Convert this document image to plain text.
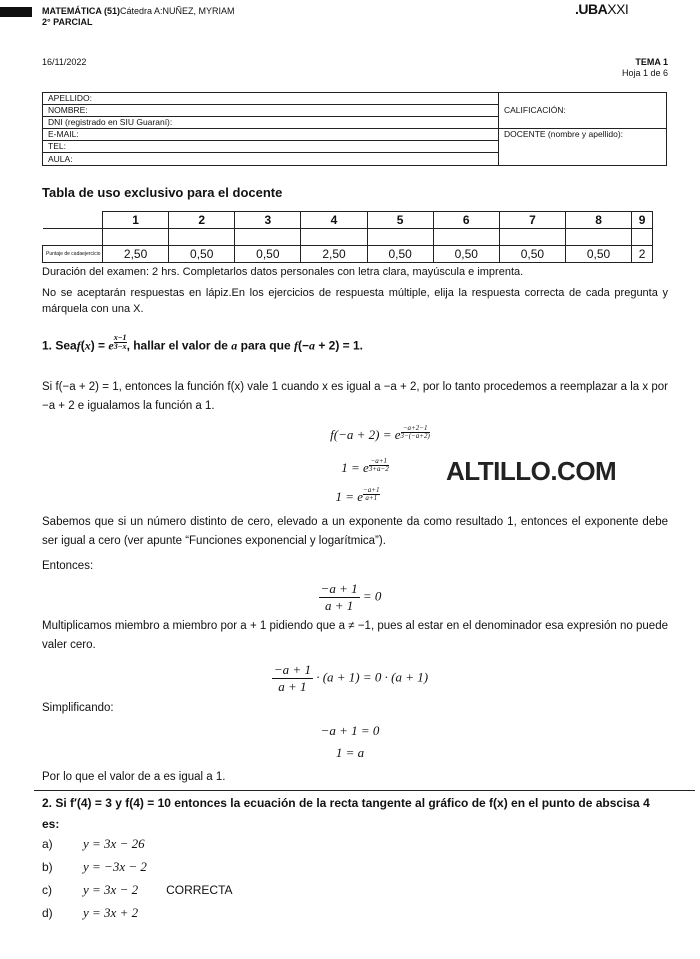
MATEMÁTICA (51)Cátedra A:NUÑEZ, MYRIAM
2° PARCIAL
.UBAXXI
16/11/2022	TEMA 1
Hoja 1 de 6
APELLIDO:	CALIFICACIÓN:
NOMBRE:	
DNI (registrado en SIU Guaraní):	
E-MAIL:	DOCENTE (nombre y apellido):
TEL:	
AULA:	
Tabla de uso exclusivo para el docente
	1	2	3	4	5	6	7	8	9

Puntaje de cadaejercicio	2,50	0,50	0,50	2,50	0,50	0,50	0,50	0,50	2

Duración del examen: 2 hrs. Completarlos datos personales con letra clara, mayúscula e imprenta.

No se aceptarán respuestas en lápiz.En los ejercicios de respuesta múltiple, elija la respuesta correcta de cada pregunta y márquela con una X.

1. Seaf(x) = e $^{\frac{x-1}{3-x}}$, hallar el valor de a para que f(−a + 2) = 1.

Si f(−a + 2) = 1, entonces la función f(x) vale 1 cuando x es igual a −a + 2, por lo tanto procedemos a reemplazar a la x por −a + 2 e igualamos la función a 1.

f(−a + 2) = e $^{\frac{-a+2-1}{3-(-a+2)}}$
1 = e $^{\frac{-a+1}{3+a-2}}$
1 = e $^{\frac{-a+1}{a+1}}$
ALTILLO.COM

Sabemos que si un número distinto de cero, elevado a un exponente da como resultado 1, entonces el exponente debe ser igual a cero (ver apunte “Funciones exponencial y logarítmica”).

Entonces:

$\frac{-a + 1}{a + 1} = 0$

Multiplicamos miembro a miembro por a + 1 pidiendo que a ≠ −1, pues al estar en el denominador esa expresión no puede valer cero.

$\frac{-a + 1}{a + 1} \cdot (a + 1) = 0 \cdot (a + 1)$

Simplificando:

−a + 1 = 0
1 = a

Por lo que el valor de a es igual a 1.

2. Si f′(4) = 3 y f(4) = 10 entonces la ecuación de la recta tangente al gráfico de f(x) en el punto de abscisa 4 es:
a) y = 3x − 26
b) y = −3x − 2
c) y = 3x − 2 CORRECTA
d) y = 3x + 2
